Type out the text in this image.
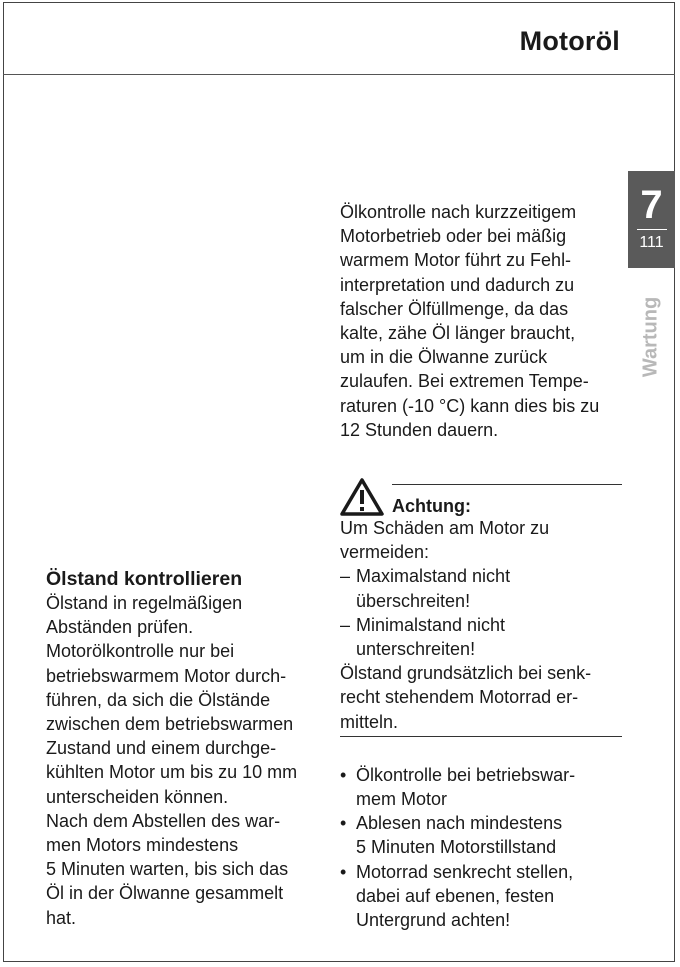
Motoröl
7
111
Wartung
Ölstand kontrollieren
Ölstand in regelmäßigen
Abständen prüfen.
Motorölkontrolle nur bei
betriebswarmem Motor durch-
führen, da sich die Ölstände
zwischen dem betriebswarmen
Zustand und einem durchge-
kühlten Motor um bis zu 10 mm
unterscheiden können.
Nach dem Abstellen des war-
men Motors mindestens
5 Minuten warten, bis sich das
Öl in der Ölwanne gesammelt
hat.
Ölkontrolle nach kurzzeitigem
Motorbetrieb oder bei mäßig
warmem Motor führt zu Fehl-
interpretation und dadurch zu
falscher Ölfüllmenge, da das
kalte, zähe Öl länger braucht,
um in die Ölwanne zurück
zulaufen. Bei extremen Tempe-
raturen (-10 °C) kann dies bis zu
12 Stunden dauern.
Achtung:
Um Schäden am Motor zu
vermeiden:
– Maximalstand nicht
überschreiten!
– Minimalstand nicht
unterschreiten!
Ölstand grundsätzlich bei senk-
recht stehendem Motorrad er-
mitteln.
• Ölkontrolle bei betriebswar-
mem Motor
• Ablesen nach mindestens
5 Minuten Motorstillstand
• Motorrad senkrecht stellen,
dabei auf ebenen, festen
Untergrund achten!
